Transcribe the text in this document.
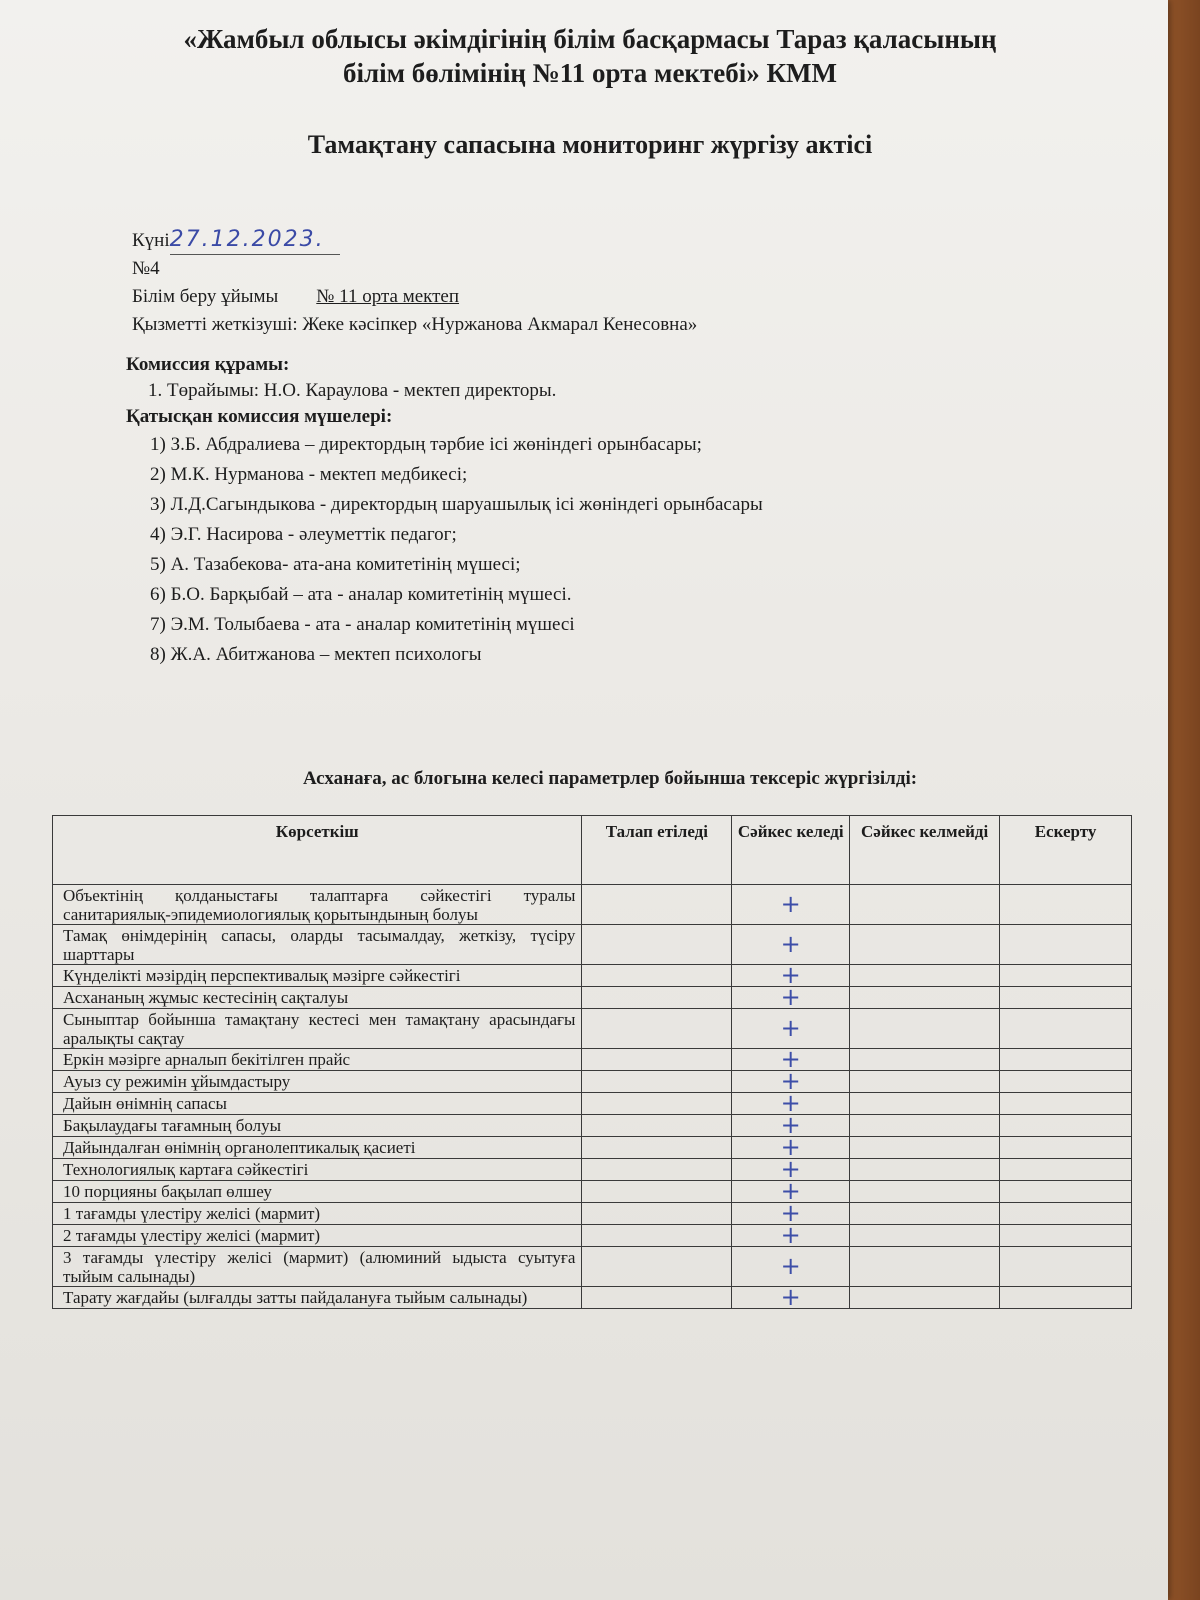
«Жамбыл облысы әкімдігінің білім басқармасы Тараз қаласының
білім бөлімінің №11 орта мектебі» КММ
Тамақтану сапасына мониторинг жүргізу актісі
Күні27.12.2023.
№4
Білім беру ұйымы № 11 орта мектеп
Қызметті жеткізуші: Жеке кәсіпкер «Нуржанова Акмарал Кенесовна»
Комиссия құрамы:
1. Төрайымы: Н.О. Караулова - мектеп директоры.
Қатысқан комиссия мүшелері:
1) З.Б. Абдралиева – директордың тәрбие ісі жөніндегі орынбасары;
2) М.К. Нурманова - мектеп медбикесі;
3) Л.Д.Сагындыкова - директордың шаруашылық ісі жөніндегі орынбасары
4) Э.Г. Насирова - әлеуметтік педагог;
5) А. Тазабекова- ата-ана комитетінің мүшесі;
6) Б.О. Барқыбай – ата - аналар комитетінің мүшесі.
7) Э.М. Толыбаева - ата - аналар комитетінің мүшесі
8) Ж.А. Абитжанова – мектеп психологы
Асханаға, ас блогына келесі параметрлер бойынша тексеріс жүргізілді:
Көрсеткіш	Талап етіледі	Сәйкес келеді	Сәйкес келмейді	Ескерту
Объектінің қолданыстағы талаптарға сәйкестігі туралы санитариялық-эпидемиологиялық қорытындының болуы		+		
Тамақ өнімдерінің сапасы, оларды тасымалдау, жеткізу, түсіру шарттары		+		
Күнделікті мәзірдің перспективалық мәзірге сәйкестігі		+		
Асхананың жұмыс кестесінің сақталуы		+		
Сыныптар бойынша тамақтану кестесі мен тамақтану арасындағы аралықты сақтау		+		
Еркін мәзірге арналып бекітілген прайс		+		
Ауыз су режимін ұйымдастыру		+		
Дайын өнімнің сапасы		+		
Бақылаудағы тағамның болуы		+		
Дайындалған өнімнің органолептикалық қасиеті		+		
Технологиялық картаға сәйкестігі		+		
10 порцияны бақылап өлшеу		+		
1 тағамды үлестіру желісі (мармит)		+		
2 тағамды үлестіру желісі (мармит)		+		
3 тағамды үлестіру желісі (мармит) (алюминий ыдыста суытуға тыйым салынады)		+		
Тарату жағдайы (ылғалды затты пайдалануға тыйым салынады)		+		
